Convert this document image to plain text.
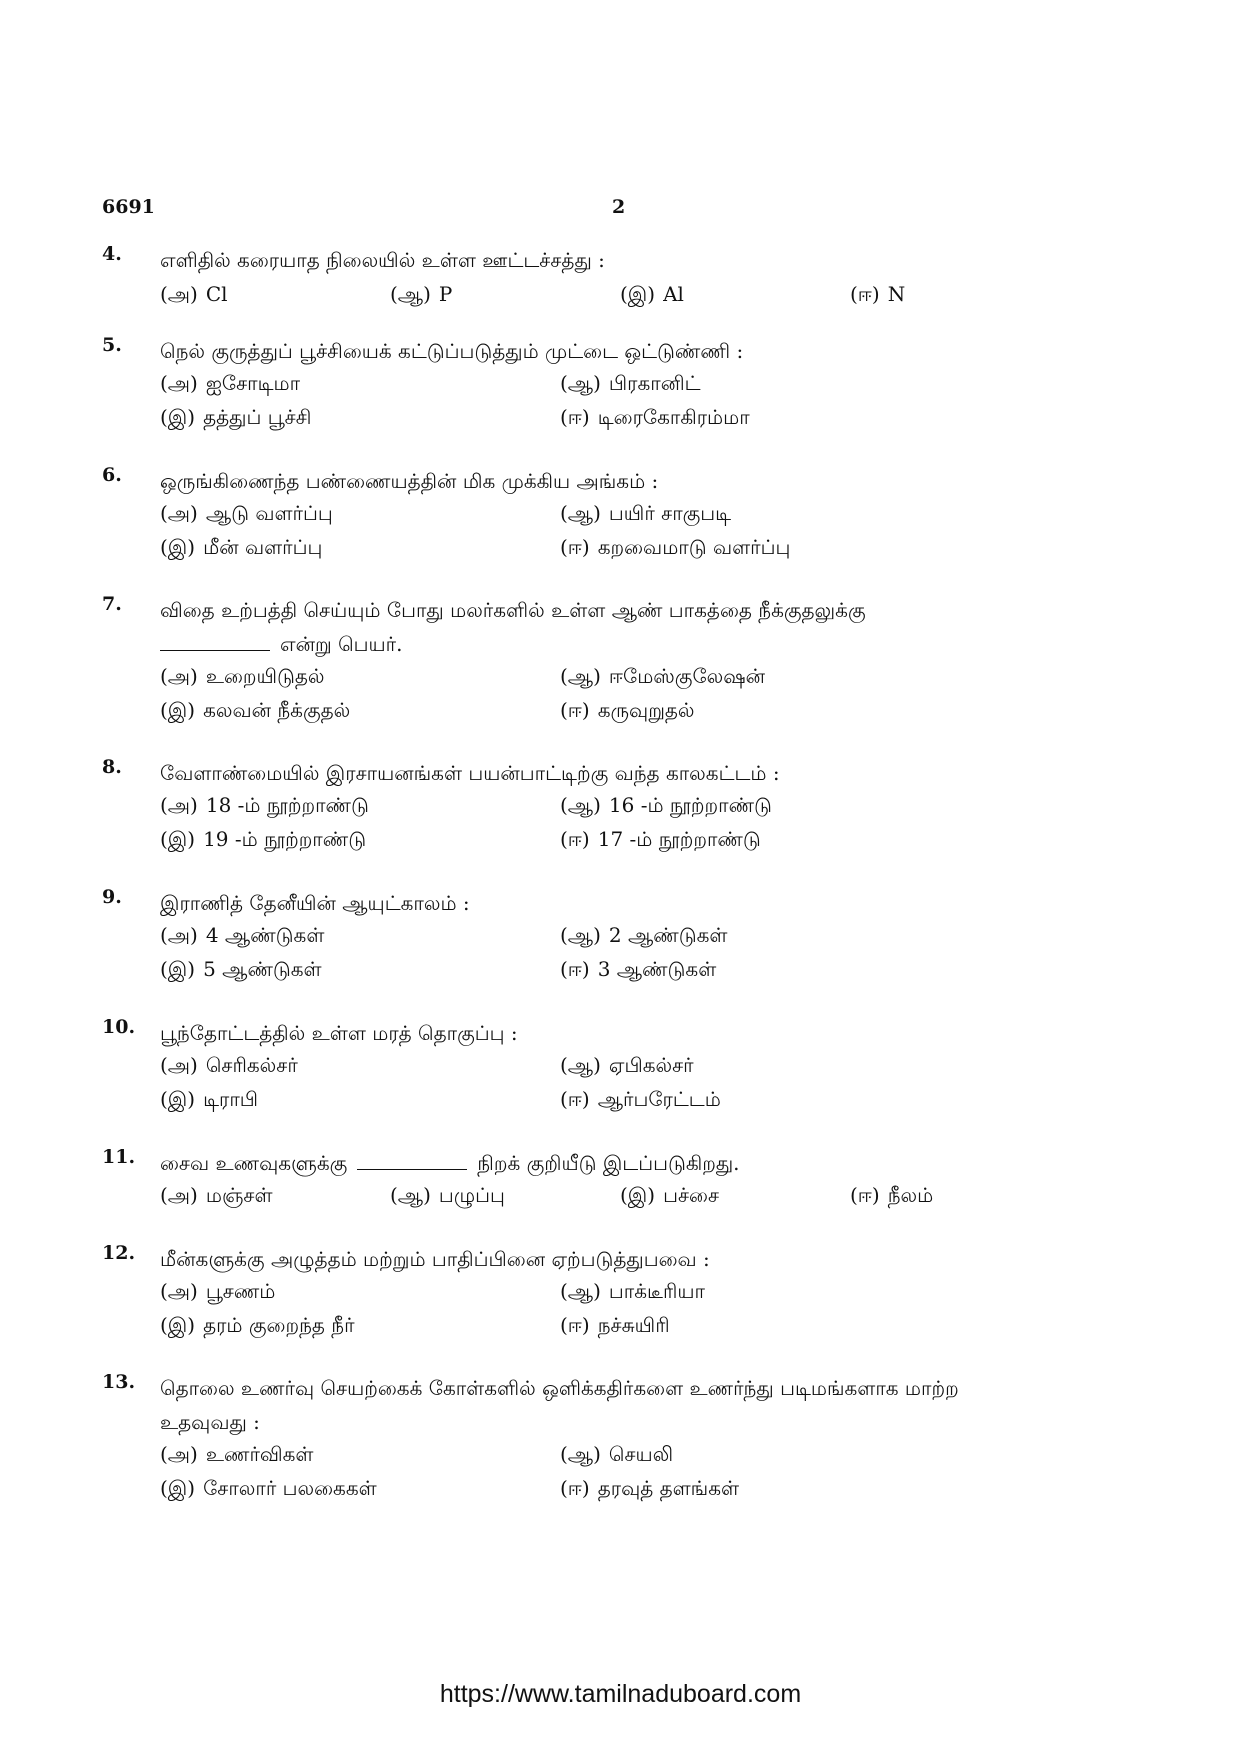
6691	2
4. எளிதில் கரையாத நிலையில் உள்ள ஊட்டச்சத்து :
(அ) Cl	(ஆ) P	(இ) Al	(ஈ) N
5. நெல் குருத்துப் பூச்சியைக் கட்டுப்படுத்தும் முட்டை ஒட்டுண்ணி :
(அ) ஐசோடிமா	(ஆ) பிரகானிட்
(இ) தத்துப் பூச்சி	(ஈ) டிரைகோகிரம்மா
6. ஒருங்கிணைந்த பண்ணையத்தின் மிக முக்கிய அங்கம் :
(அ) ஆடு வளர்ப்பு	(ஆ) பயிர் சாகுபடி
(இ) மீன் வளர்ப்பு	(ஈ) கறவைமாடு வளர்ப்பு
7. விதை உற்பத்தி செய்யும் போது மலர்களில் உள்ள ஆண் பாகத்தை நீக்குதலுக்கு
என்று பெயர்.
(அ) உறையிடுதல்	(ஆ) ஈமேஸ்குலேஷன்
(இ) கலவன் நீக்குதல்	(ஈ) கருவுறுதல்
8. வேளாண்மையில் இரசாயனங்கள் பயன்பாட்டிற்கு வந்த காலகட்டம் :
(அ) 18 -ம் நூற்றாண்டு	(ஆ) 16 -ம் நூற்றாண்டு
(இ) 19 -ம் நூற்றாண்டு	(ஈ) 17 -ம் நூற்றாண்டு
9. இராணித் தேனீயின் ஆயுட்காலம் :
(அ) 4 ஆண்டுகள்	(ஆ) 2 ஆண்டுகள்
(இ) 5 ஆண்டுகள்	(ஈ) 3 ஆண்டுகள்
10. பூந்தோட்டத்தில் உள்ள மரத் தொகுப்பு :
(அ) செரிகல்சர்	(ஆ) ஏபிகல்சர்
(இ) டிராபி	(ஈ) ஆர்பரேட்டம்
11. சைவ உணவுகளுக்கு	நிறக் குறியீடு இடப்படுகிறது.
(அ) மஞ்சள்	(ஆ) பழுப்பு	(இ) பச்சை	(ஈ) நீலம்
12. மீன்களுக்கு அழுத்தம் மற்றும் பாதிப்பினை ஏற்படுத்துபவை :
(அ) பூசணம்	(ஆ) பாக்டீரியா
(இ) தரம் குறைந்த நீர்	(ஈ) நச்சுயிரி
13. தொலை உணர்வு செயற்கைக் கோள்களில் ஒளிக்கதிர்களை உணர்ந்து படிமங்களாக மாற்ற
உதவுவது :
(அ) உணர்விகள்	(ஆ) செயலி
(இ) சோலார் பலகைகள்	(ஈ) தரவுத் தளங்கள்
https://www.tamilnaduboard.com
